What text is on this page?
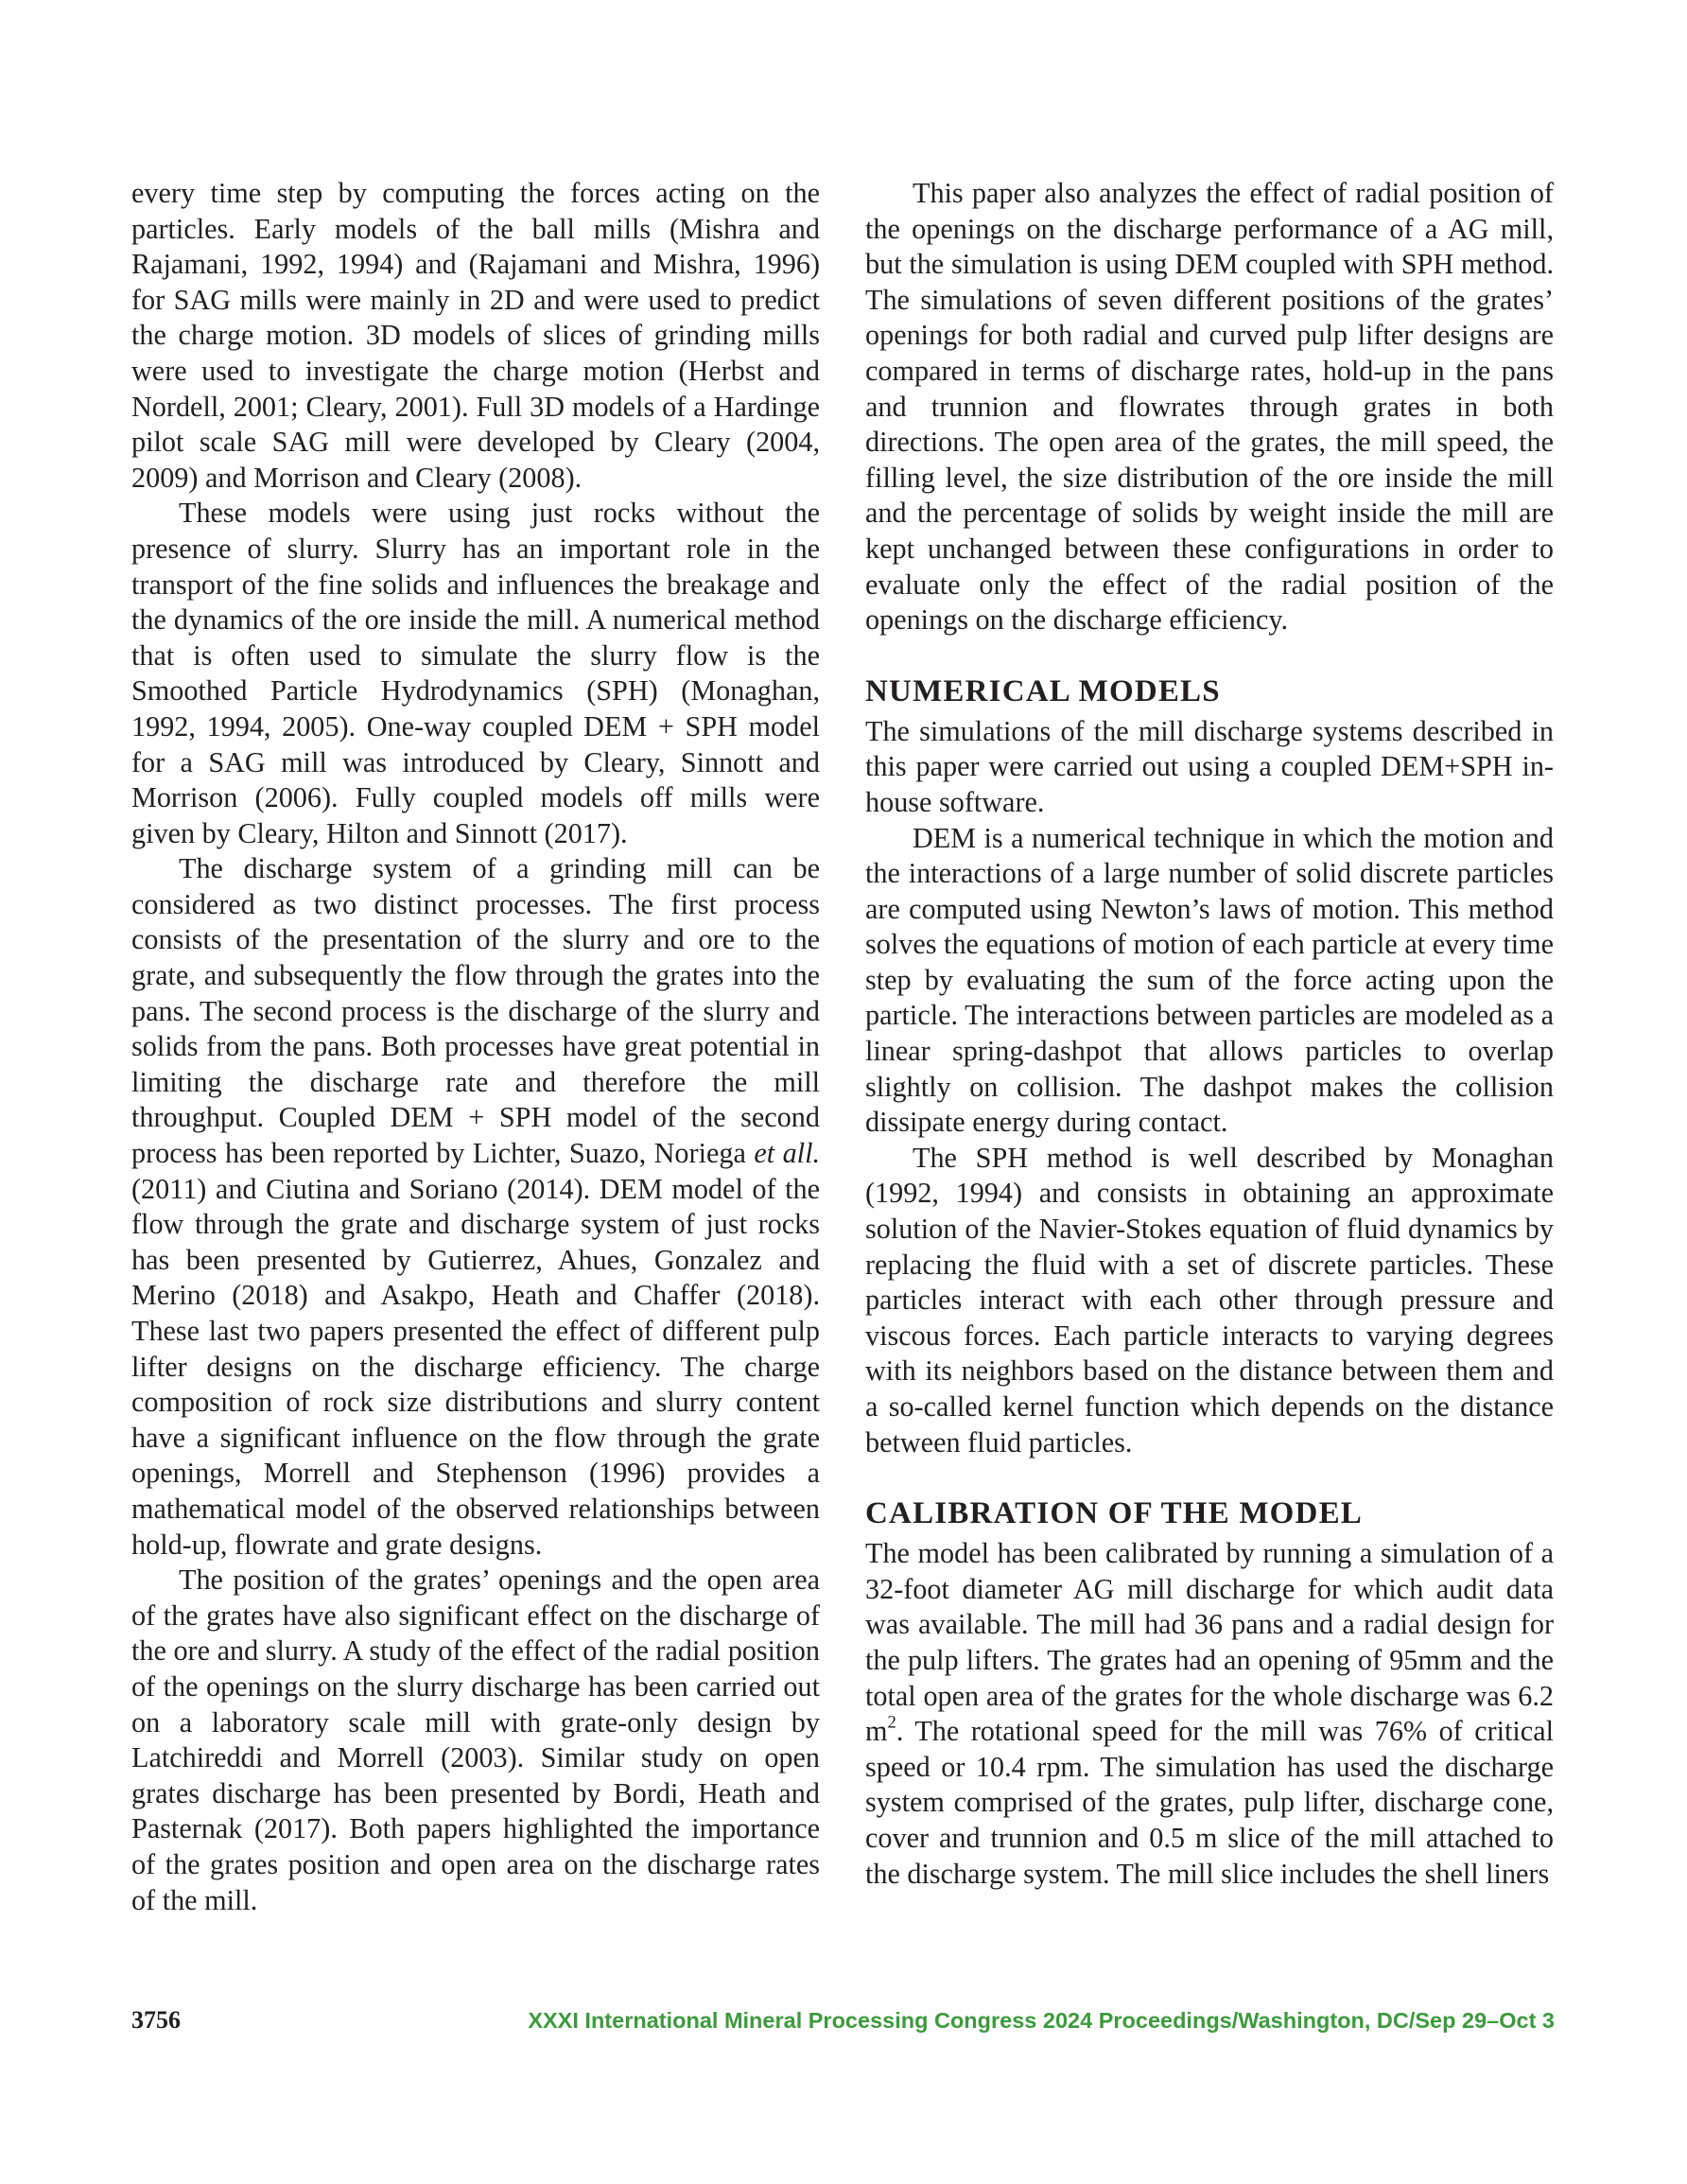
every time step by computing the forces acting on the particles. Early models of the ball mills (Mishra and Rajamani, 1992, 1994) and (Rajamani and Mishra, 1996) for SAG mills were mainly in 2D and were used to predict the charge motion. 3D models of slices of grinding mills were used to investigate the charge motion (Herbst and Nordell, 2001; Cleary, 2001). Full 3D models of a Hardinge pilot scale SAG mill were developed by Cleary (2004, 2009) and Morrison and Cleary (2008).

These models were using just rocks without the presence of slurry. Slurry has an important role in the transport of the fine solids and influences the breakage and the dynamics of the ore inside the mill. A numerical method that is often used to simulate the slurry flow is the Smoothed Particle Hydrodynamics (SPH) (Monaghan, 1992, 1994, 2005). One-way coupled DEM + SPH model for a SAG mill was introduced by Cleary, Sinnott and Morrison (2006). Fully coupled models off mills were given by Cleary, Hilton and Sinnott (2017).

The discharge system of a grinding mill can be considered as two distinct processes. The first process consists of the presentation of the slurry and ore to the grate, and subsequently the flow through the grates into the pans. The second process is the discharge of the slurry and solids from the pans. Both processes have great potential in limiting the discharge rate and therefore the mill throughput. Coupled DEM + SPH model of the second process has been reported by Lichter, Suazo, Noriega et all. (2011) and Ciutina and Soriano (2014). DEM model of the flow through the grate and discharge system of just rocks has been presented by Gutierrez, Ahues, Gonzalez and Merino (2018) and Asakpo, Heath and Chaffer (2018). These last two papers presented the effect of different pulp lifter designs on the discharge efficiency. The charge composition of rock size distributions and slurry content have a significant influence on the flow through the grate openings, Morrell and Stephenson (1996) provides a mathematical model of the observed relationships between hold-up, flowrate and grate designs.

The position of the grates’ openings and the open area of the grates have also significant effect on the discharge of the ore and slurry. A study of the effect of the radial position of the openings on the slurry discharge has been carried out on a laboratory scale mill with grate-only design by Latchireddi and Morrell (2003). Similar study on open grates discharge has been presented by Bordi, Heath and Pasternak (2017). Both papers highlighted the importance of the grates position and open area on the discharge rates of the mill.

This paper also analyzes the effect of radial position of the openings on the discharge performance of a AG mill, but the simulation is using DEM coupled with SPH method. The simulations of seven different positions of the grates’ openings for both radial and curved pulp lifter designs are compared in terms of discharge rates, hold-up in the pans and trunnion and flowrates through grates in both directions. The open area of the grates, the mill speed, the filling level, the size distribution of the ore inside the mill and the percentage of solids by weight inside the mill are kept unchanged between these configurations in order to evaluate only the effect of the radial position of the openings on the discharge efficiency.

NUMERICAL MODELS

The simulations of the mill discharge systems described in this paper were carried out using a coupled DEM+SPH in-house software.

DEM is a numerical technique in which the motion and the interactions of a large number of solid discrete particles are computed using Newton’s laws of motion. This method solves the equations of motion of each particle at every time step by evaluating the sum of the force acting upon the particle. The interactions between particles are modeled as a linear spring-dashpot that allows particles to overlap slightly on collision. The dashpot makes the collision dissipate energy during contact.

The SPH method is well described by Monaghan (1992, 1994) and consists in obtaining an approximate solution of the Navier-Stokes equation of fluid dynamics by replacing the fluid with a set of discrete particles. These particles interact with each other through pressure and viscous forces. Each particle interacts to varying degrees with its neighbors based on the distance between them and a so-called kernel function which depends on the distance between fluid particles.

CALIBRATION OF THE MODEL

The model has been calibrated by running a simulation of a 32-foot diameter AG mill discharge for which audit data was available. The mill had 36 pans and a radial design for the pulp lifters. The grates had an opening of 95mm and the total open area of the grates for the whole discharge was 6.2 $m^2$. The rotational speed for the mill was 76% of critical speed or 10.4 rpm. The simulation has used the discharge system comprised of the grates, pulp lifter, discharge cone, cover and trunnion and 0.5 m slice of the mill attached to the discharge system. The mill slice includes the shell liners

3756	XXXI International Mineral Processing Congress 2024 Proceedings/Washington, DC/Sep 29–Oct 3
